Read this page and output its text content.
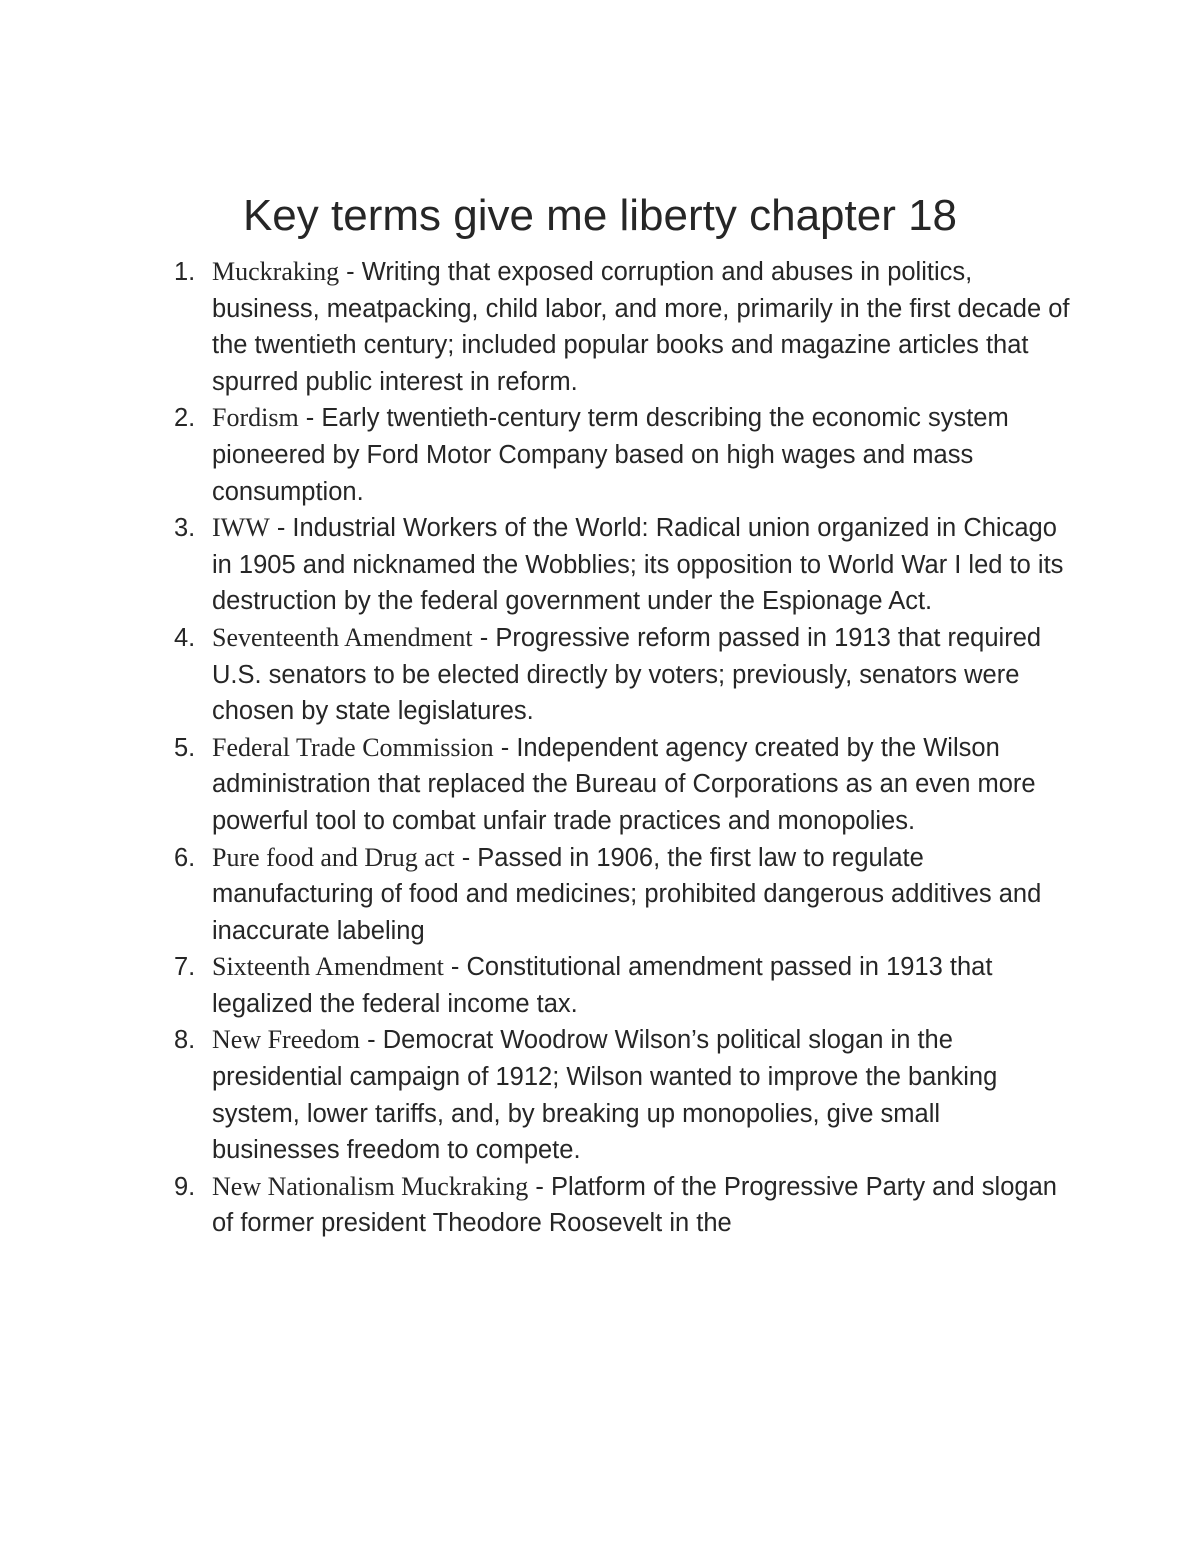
Key terms give me liberty chapter 18
1. Muckraking - Writing that exposed corruption and abuses in politics, business, meatpacking, child labor, and more, primarily in the first decade of the twentieth century; included popular books and magazine articles that spurred public interest in reform.
2. Fordism - Early twentieth-century term describing the economic system pioneered by Ford Motor Company based on high wages and mass consumption.
3. IWW - Industrial Workers of the World: Radical union organized in Chicago in 1905 and nicknamed the Wobblies; its opposition to World War I led to its destruction by the federal government under the Espionage Act.
4. Seventeenth Amendment - Progressive reform passed in 1913 that required U.S. senators to be elected directly by voters; previously, senators were chosen by state legislatures.
5. Federal Trade Commission - Independent agency created by the Wilson administration that replaced the Bureau of Corporations as an even more powerful tool to combat unfair trade practices and monopolies.
6. Pure food and Drug act - Passed in 1906, the first law to regulate manufacturing of food and medicines; prohibited dangerous additives and inaccurate labeling
7. Sixteenth Amendment - Constitutional amendment passed in 1913 that legalized the federal income tax.
8. New Freedom - Democrat Woodrow Wilson’s political slogan in the presidential campaign of 1912; Wilson wanted to improve the banking system, lower tariffs, and, by breaking up monopolies, give small businesses freedom to compete.
9. New Nationalism Muckraking - Platform of the Progressive Party and slogan of former president Theodore Roosevelt in the
